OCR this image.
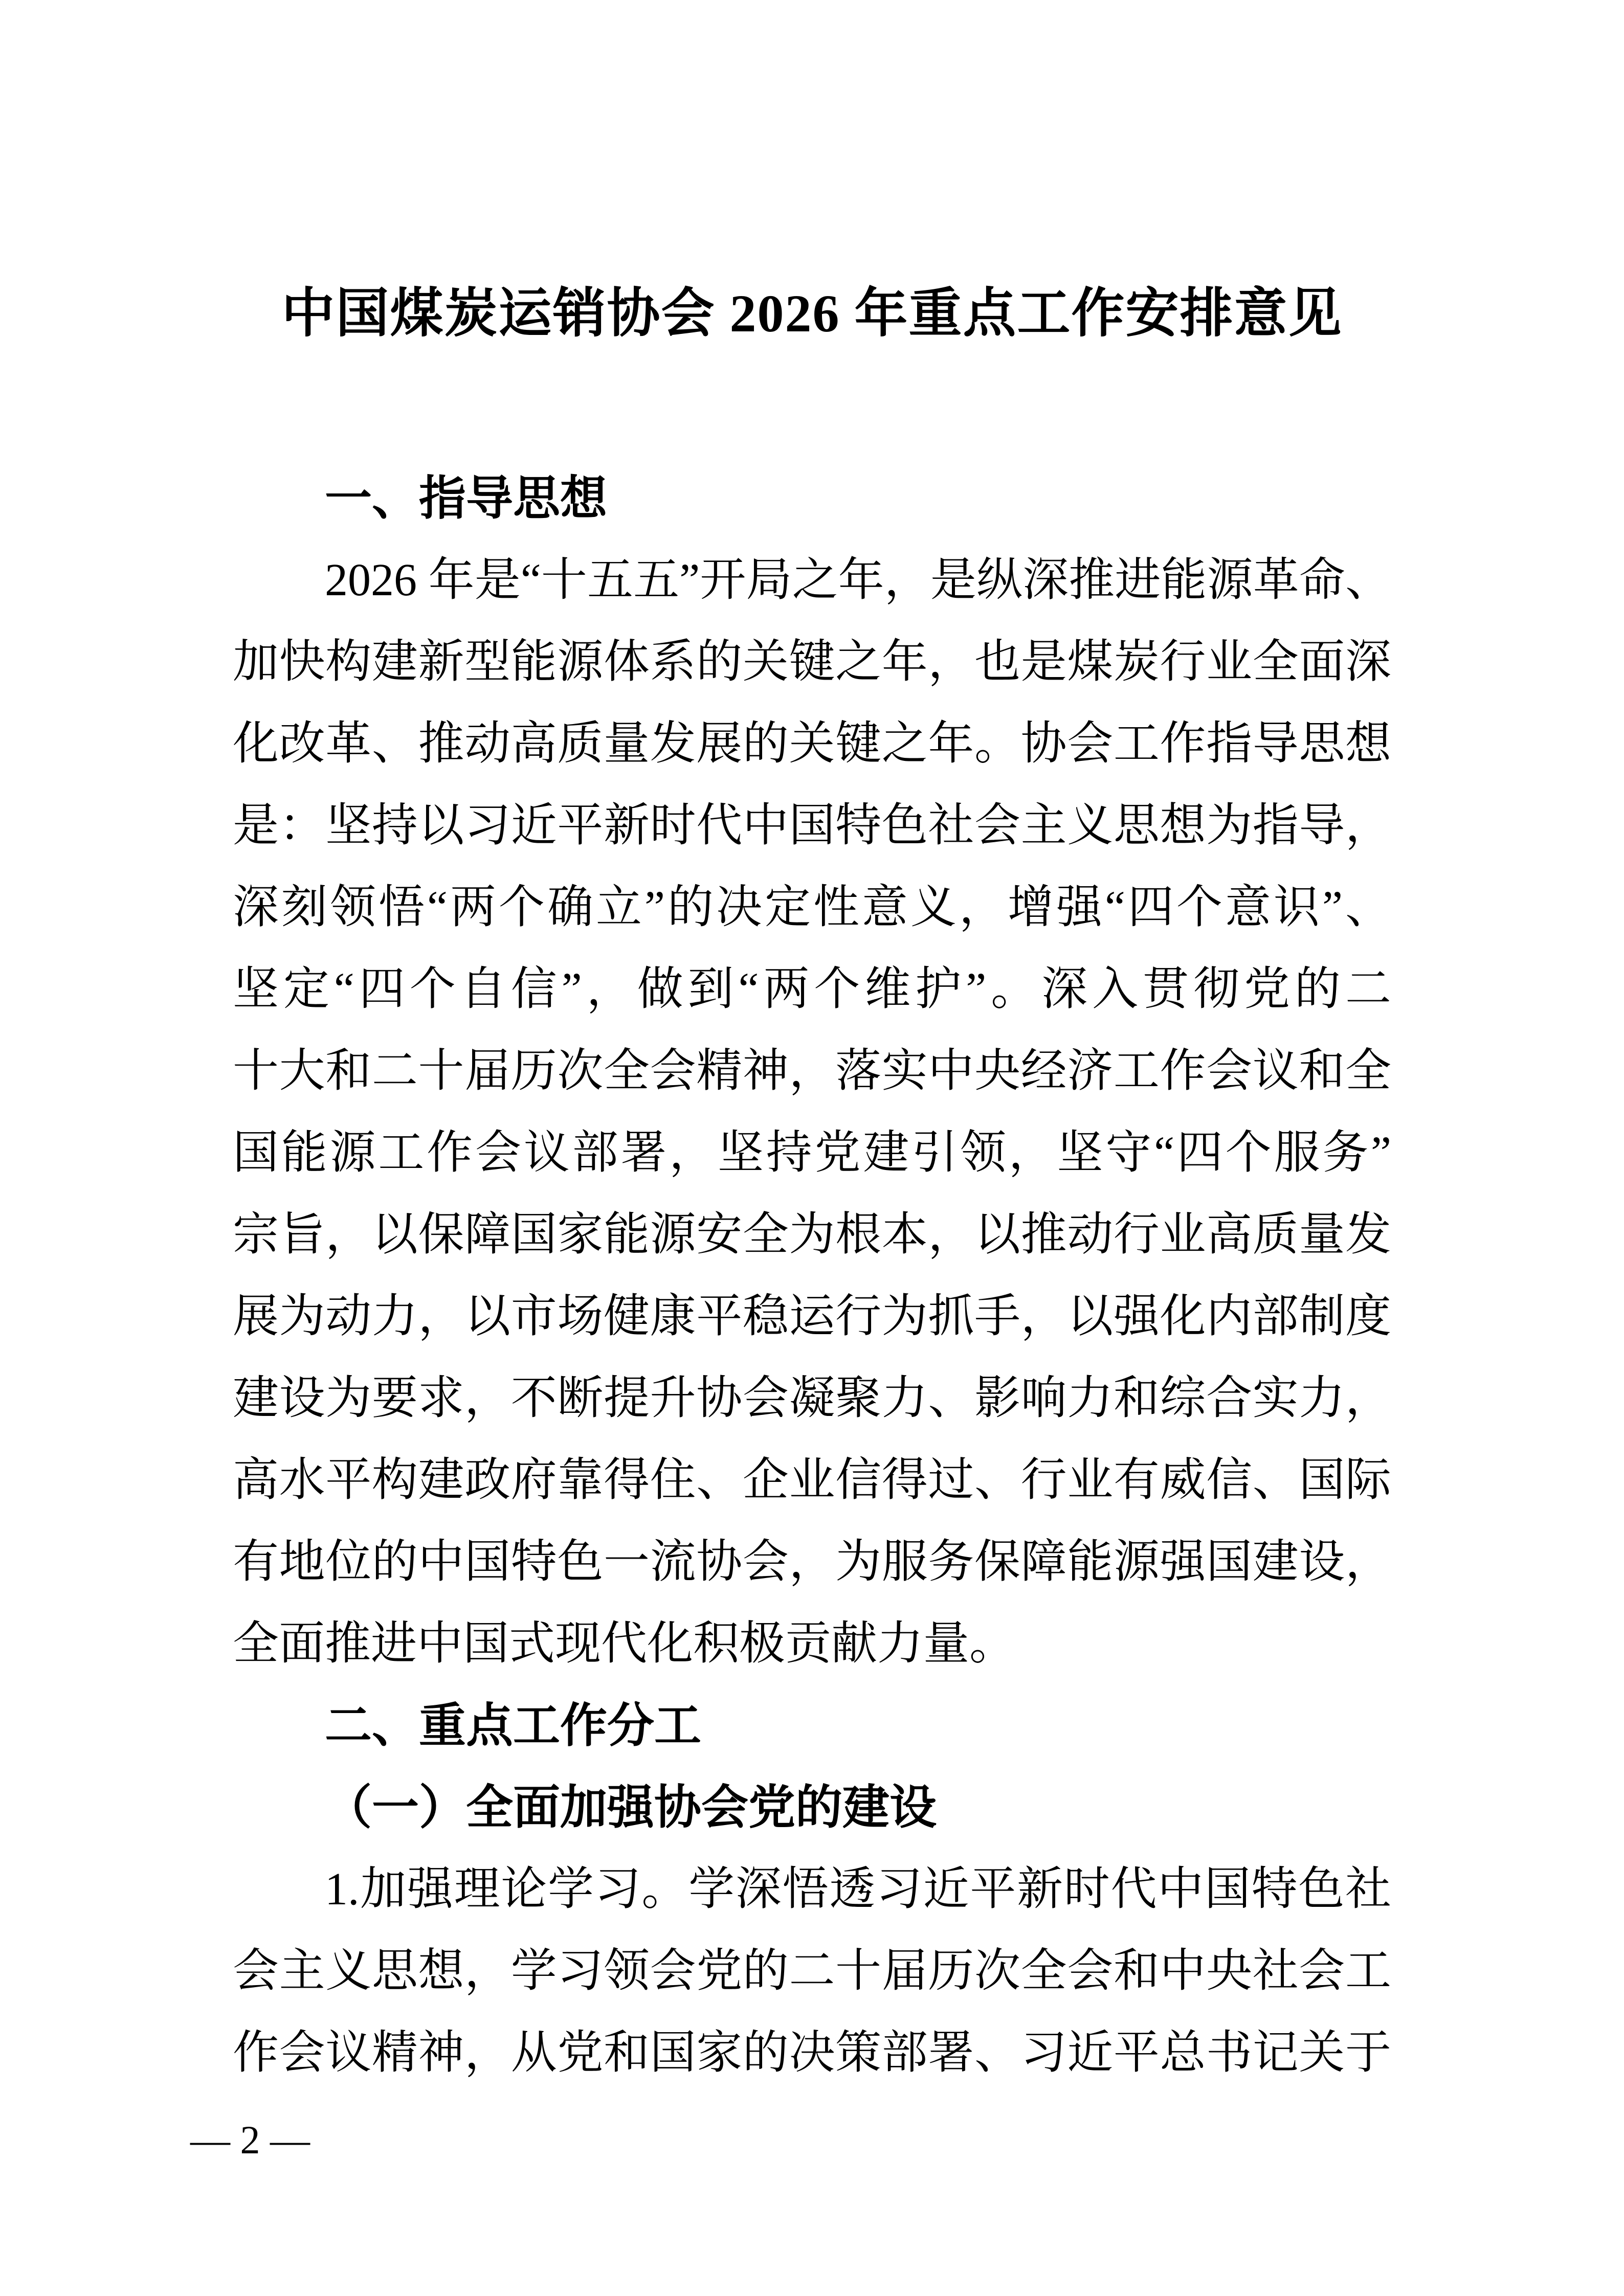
中国煤炭运销协会 2026 年重点工作安排意见
一、指导思想
2026 年是“十五五”开局之年，是纵深推进能源革命、
加快构建新型能源体系的关键之年，也是煤炭行业全面深
化改革、推动高质量发展的关键之年。协会工作指导思想
是：坚持以习近平新时代中国特色社会主义思想为指导，
深刻领悟“两个确立”的决定性意义，增强“四个意识”、
坚定“四个自信”，做到“两个维护”。深入贯彻党的二
十大和二十届历次全会精神，落实中央经济工作会议和全
国能源工作会议部署，坚持党建引领，坚守“四个服务”
宗旨，以保障国家能源安全为根本，以推动行业高质量发
展为动力，以市场健康平稳运行为抓手，以强化内部制度
建设为要求，不断提升协会凝聚力、影响力和综合实力，
高水平构建政府靠得住、企业信得过、行业有威信、国际
有地位的中国特色一流协会，为服务保障能源强国建设，
全面推进中国式现代化积极贡献力量。
二、重点工作分工
（一）全面加强协会党的建设
1.加强理论学习。学深悟透习近平新时代中国特色社
会主义思想，学习领会党的二十届历次全会和中央社会工
作会议精神，从党和国家的决策部署、习近平总书记关于
— 2 —
